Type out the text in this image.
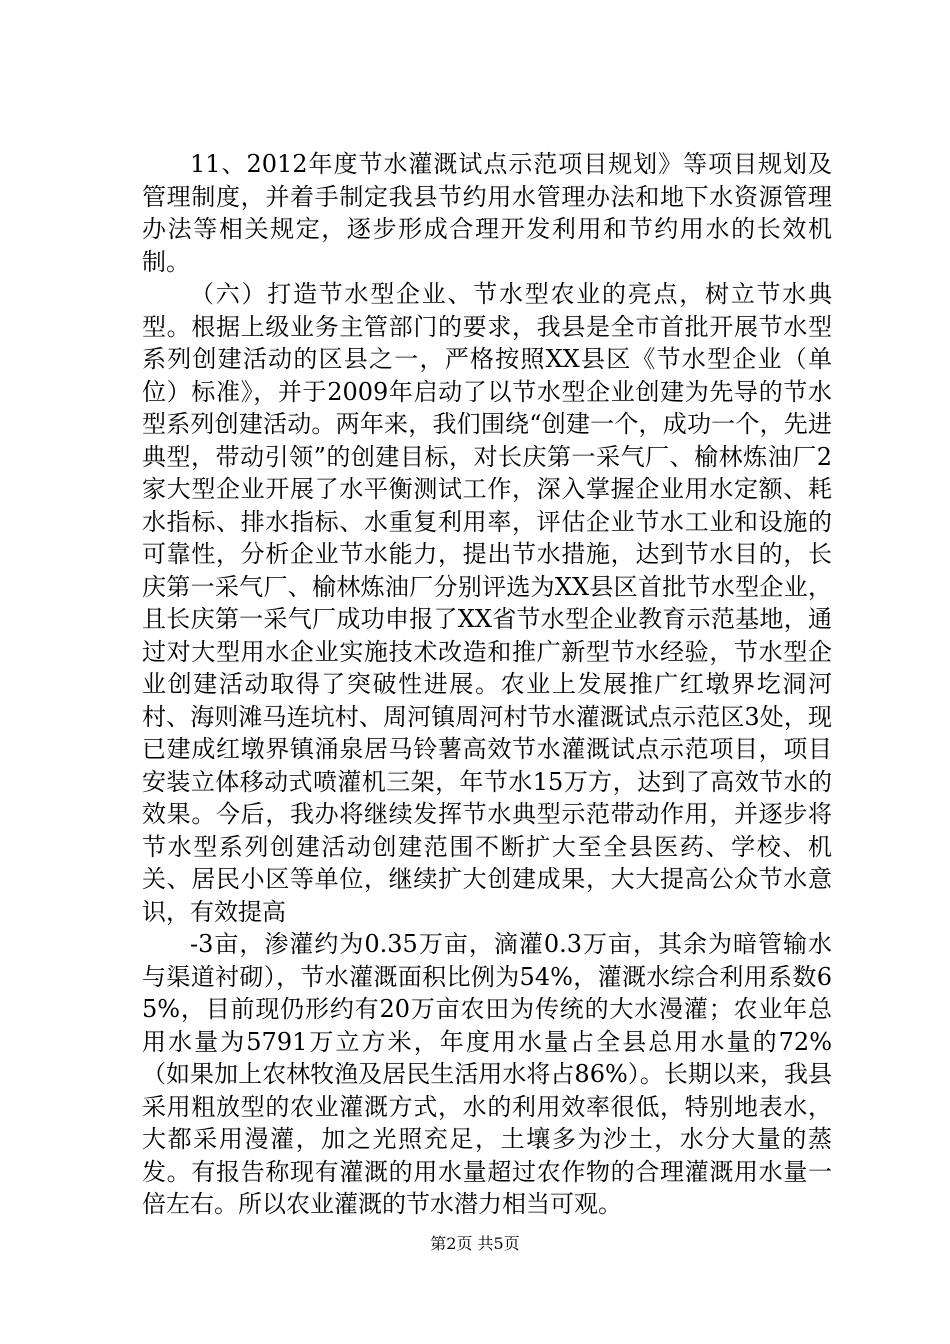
11、2012年度节水灌溉试点示范项目规划》等项目规划及管理制度，并着手制定我县节约用水管理办法和地下水资源管理办法等相关规定，逐步形成合理开发利用和节约用水的长效机制。

（六）打造节水型企业、节水型农业的亮点，树立节水典型。根据上级业务主管部门的要求，我县是全市首批开展节水型系列创建活动的区县之一，严格按照XX县区《节水型企业（单位）标准》，并于2009年启动了以节水型企业创建为先导的节水型系列创建活动。两年来，我们围绕“创建一个，成功一个，先进典型，带动引领”的创建目标，对长庆第一采气厂、榆林炼油厂2家大型企业开展了水平衡测试工作，深入掌握企业用水定额、耗水指标、排水指标、水重复利用率，评估企业节水工业和设施的可靠性，分析企业节水能力，提出节水措施，达到节水目的，长庆第一采气厂、榆林炼油厂分别评选为XX县区首批节水型企业，且长庆第一采气厂成功申报了XX省节水型企业教育示范基地，通过对大型用水企业实施技术改造和推广新型节水经验，节水型企业创建活动取得了突破性进展。农业上发展推广红墩界圪洞河村、海则滩马连坑村、周河镇周河村节水灌溉试点示范区3处，现已建成红墩界镇涌泉居马铃薯高效节水灌溉试点示范项目，项目安装立体移动式喷灌机三架，年节水15万方，达到了高效节水的效果。今后，我办将继续发挥节水典型示范带动作用，并逐步将节水型系列创建活动创建范围不断扩大至全县医药、学校、机关、居民小区等单位，继续扩大创建成果，大大提高公众节水意识，有效提高

-3亩，渗灌约为0.35万亩，滴灌0.3万亩，其余为暗管输水与渠道衬砌），节水灌溉面积比例为54%，灌溉水综合利用系数65%，目前现仍形约有20万亩农田为传统的大水漫灌；农业年总用水量为5791万立方米，年度用水量占全县总用水量的72%（如果加上农林牧渔及居民生活用水将占86%）。长期以来，我县采用粗放型的农业灌溉方式，水的利用效率很低，特别地表水，大都采用漫灌，加之光照充足，土壤多为沙土，水分大量的蒸发。有报告称现有灌溉的用水量超过农作物的合理灌溉用水量一倍左右。所以农业灌溉的节水潜力相当可观。

第2页 共5页
